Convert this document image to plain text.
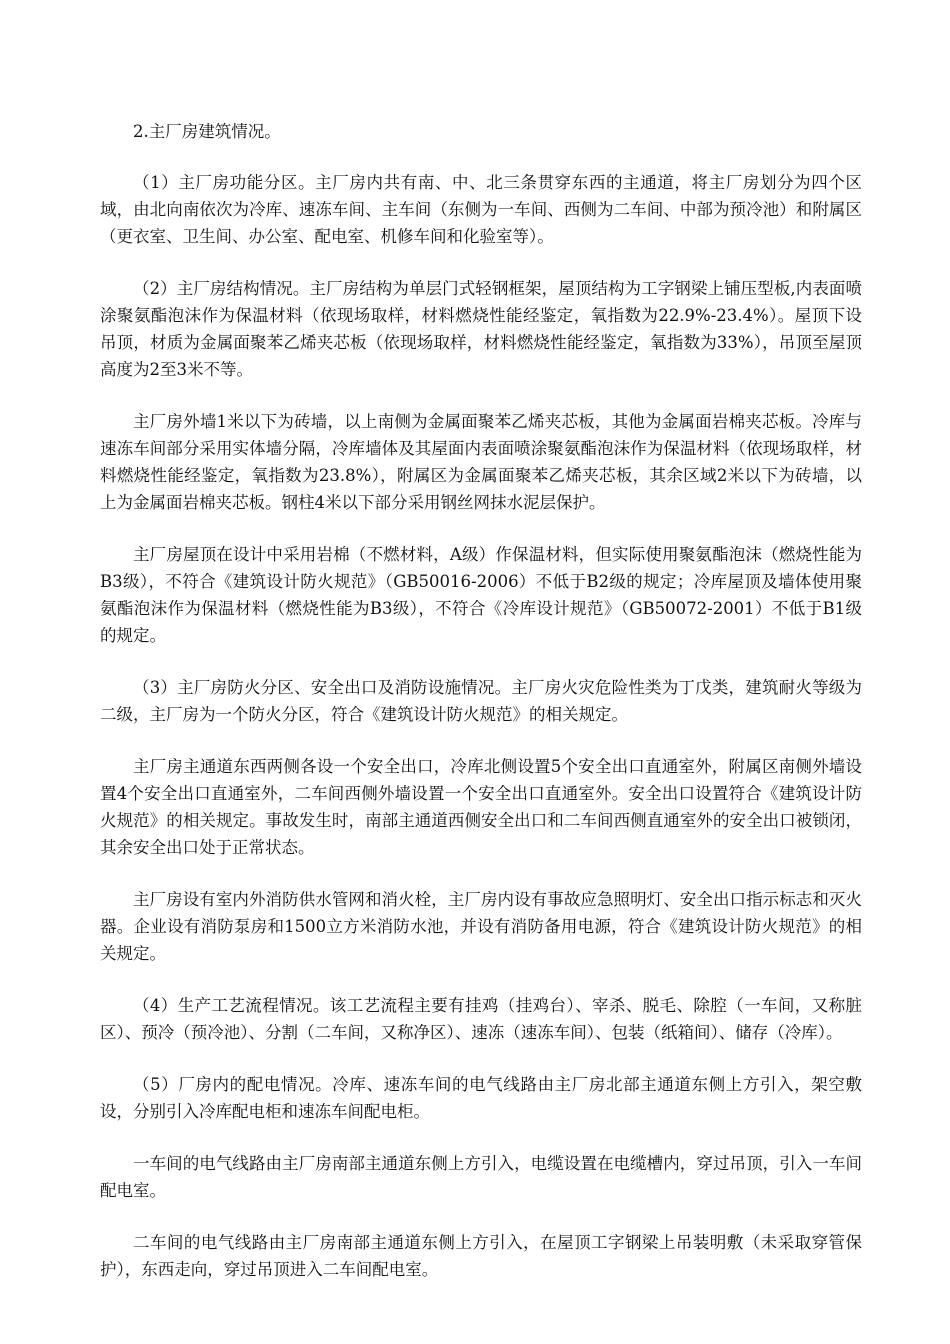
2.主厂房建筑情况。

（1）主厂房功能分区。主厂房内共有南、中、北三条贯穿东西的主通道，将主厂房划分为四个区域，由北向南依次为冷库、速冻车间、主车间（东侧为一车间、西侧为二车间、中部为预冷池）和附属区（更衣室、卫生间、办公室、配电室、机修车间和化验室等）。

（2）主厂房结构情况。主厂房结构为单层门式轻钢框架，屋顶结构为工字钢梁上铺压型板,内表面喷涂聚氨酯泡沫作为保温材料（依现场取样，材料燃烧性能经鉴定，氧指数为22.9%-23.4%）。屋顶下设吊顶，材质为金属面聚苯乙烯夹芯板（依现场取样，材料燃烧性能经鉴定，氧指数为33%），吊顶至屋顶高度为2至3米不等。

主厂房外墙1米以下为砖墙，以上南侧为金属面聚苯乙烯夹芯板，其他为金属面岩棉夹芯板。冷库与速冻车间部分采用实体墙分隔，冷库墙体及其屋面内表面喷涂聚氨酯泡沫作为保温材料（依现场取样，材料燃烧性能经鉴定，氧指数为23.8%），附属区为金属面聚苯乙烯夹芯板，其余区域2米以下为砖墙，以上为金属面岩棉夹芯板。钢柱4米以下部分采用钢丝网抹水泥层保护。

主厂房屋顶在设计中采用岩棉（不燃材料，A级）作保温材料，但实际使用聚氨酯泡沫（燃烧性能为B3级），不符合《建筑设计防火规范》（GB50016-2006）不低于B2级的规定；冷库屋顶及墙体使用聚氨酯泡沫作为保温材料（燃烧性能为B3级），不符合《冷库设计规范》（GB50072-2001）不低于B1级的规定。

（3）主厂房防火分区、安全出口及消防设施情况。主厂房火灾危险性类为丁戊类，建筑耐火等级为二级，主厂房为一个防火分区，符合《建筑设计防火规范》的相关规定。

主厂房主通道东西两侧各设一个安全出口，冷库北侧设置5个安全出口直通室外，附属区南侧外墙设置4个安全出口直通室外，二车间西侧外墙设置一个安全出口直通室外。安全出口设置符合《建筑设计防火规范》的相关规定。事故发生时，南部主通道西侧安全出口和二车间西侧直通室外的安全出口被锁闭，其余安全出口处于正常状态。

主厂房设有室内外消防供水管网和消火栓，主厂房内设有事故应急照明灯、安全出口指示标志和灭火器。企业设有消防泵房和1500立方米消防水池，并设有消防备用电源，符合《建筑设计防火规范》的相关规定。

（4）生产工艺流程情况。该工艺流程主要有挂鸡（挂鸡台）、宰杀、脱毛、除腔（一车间，又称脏区）、预冷（预冷池）、分割（二车间，又称净区）、速冻（速冻车间）、包装（纸箱间）、储存（冷库）。

（5）厂房内的配电情况。冷库、速冻车间的电气线路由主厂房北部主通道东侧上方引入，架空敷设，分别引入冷库配电柜和速冻车间配电柜。

一车间的电气线路由主厂房南部主通道东侧上方引入，电缆设置在电缆槽内，穿过吊顶，引入一车间配电室。

二车间的电气线路由主厂房南部主通道东侧上方引入，在屋顶工字钢梁上吊装明敷（未采取穿管保护），东西走向，穿过吊顶进入二车间配电室。
